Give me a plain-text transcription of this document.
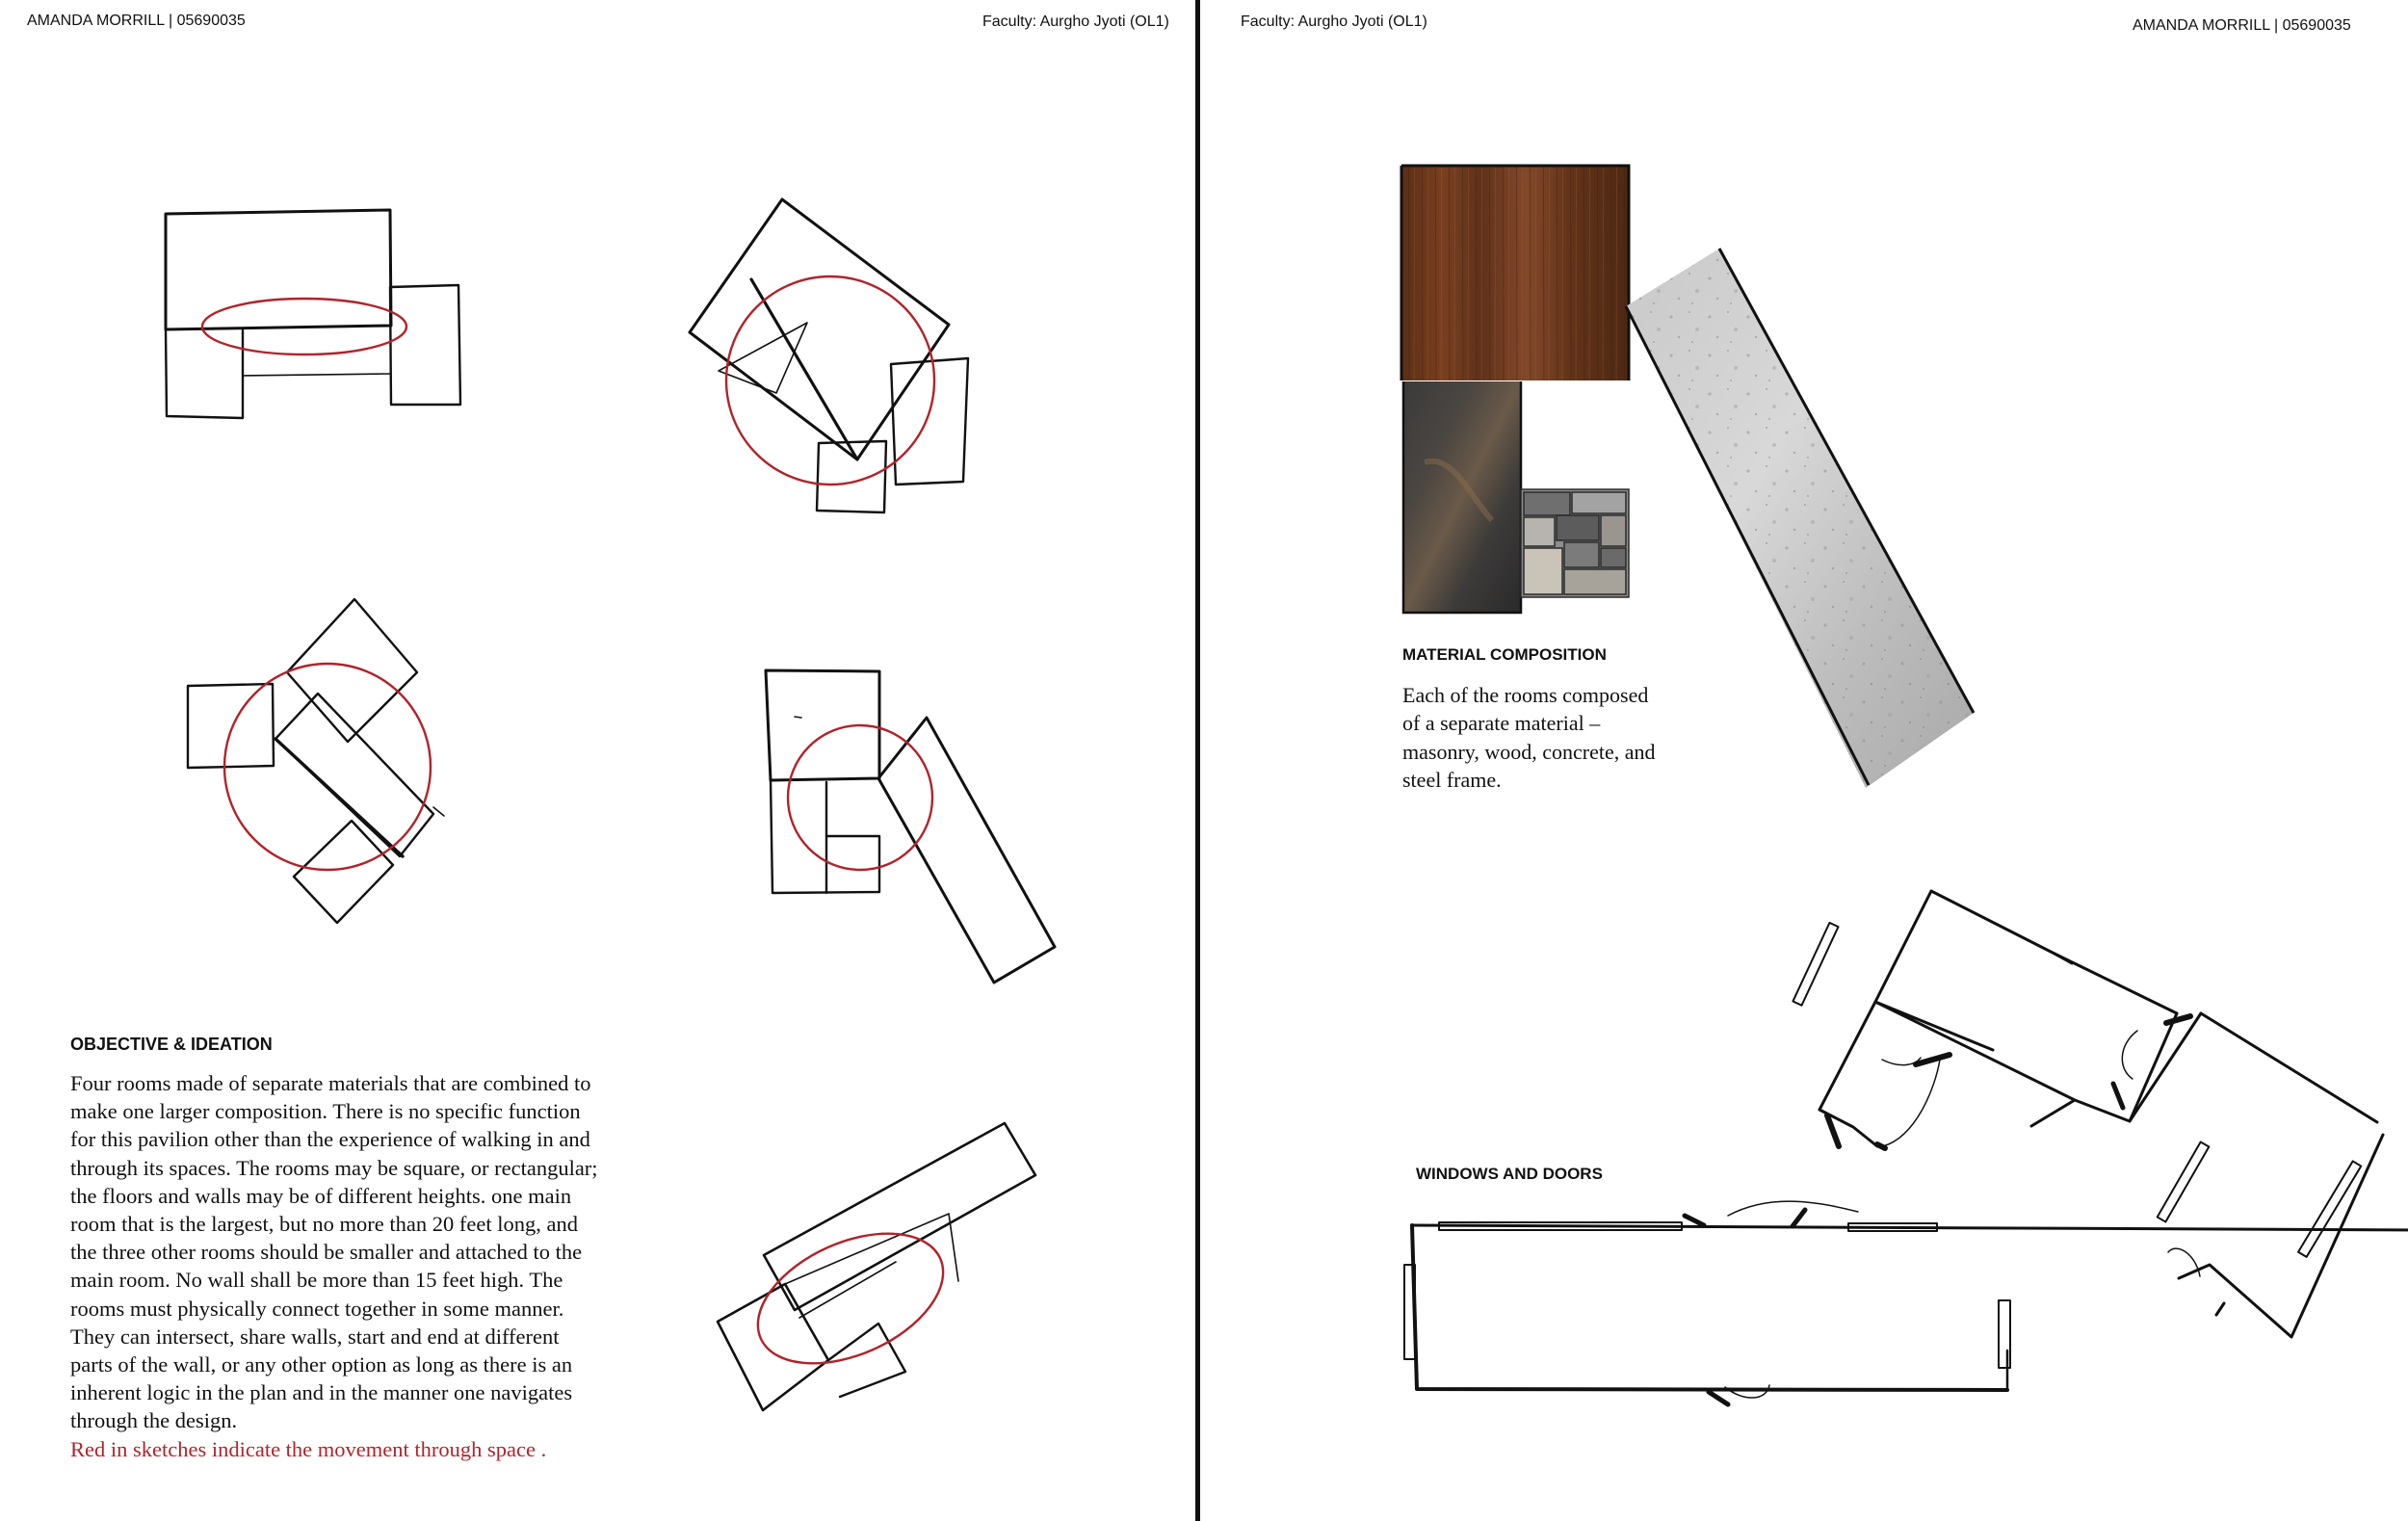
AMANDA MORRILL | 05690035	Faculty: Aurgho Jyoti (OL1)
OBJECTIVE & IDEATION
Four rooms made of separate materials that are combined to make one larger composition. There is no specific function for this pavilion other than the experience of walking in and through its spaces. The rooms may be square, or rectangular; the floors and walls may be of different heights. one main room that is the largest, but no more than 20 feet long, and the three other rooms should be smaller and attached to the main room. No wall shall be more than 15 feet high. The rooms must physically connect together in some manner. They can intersect, share walls, start and end at different parts of the wall, or any other option as long as there is an inherent logic in the plan and in the manner one navigates through the design.
Red in sketches indicate the movement through space .
Faculty: Aurgho Jyoti (OL1)	AMANDA MORRILL | 05690035
MATERIAL COMPOSITION
Each of the rooms composed of a separate material – masonry, wood, concrete, and steel frame.
WINDOWS AND DOORS
